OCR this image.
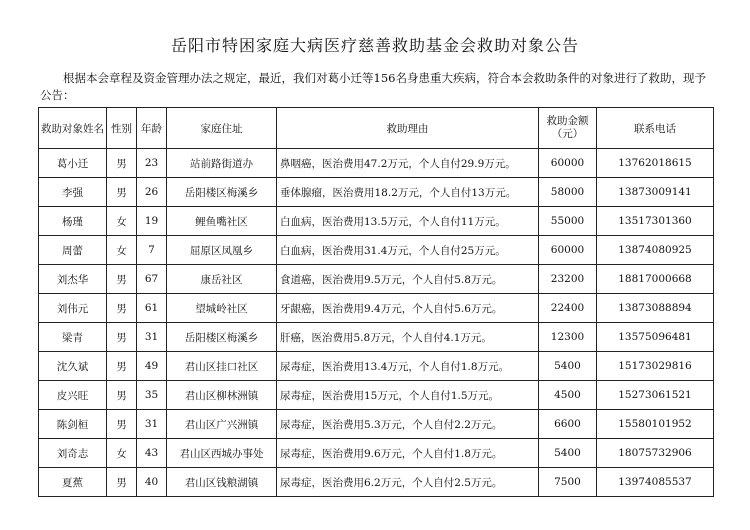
岳阳市特困家庭大病医疗慈善救助基金会救助对象公告
根据本会章程及资金管理办法之规定，最近，我们对葛小迁等156名身患重大疾病，符合本会救助条件的对象进行了救助，现予公告：
救助对象姓名	性别	年龄	家庭住址	救助理由	救助金额（元）	联系电话
葛小迁	男	23	站前路街道办	鼻咽癌，医治费用47.2万元，个人自付29.9万元。	60000	13762018615
李强	男	26	岳阳楼区梅溪乡	垂体腺瘤，医治费用18.2万元，个人自付13万元。	58000	13873009141
杨瑾	女	19	鲤鱼嘴社区	白血病，医治费用13.5万元，个人自付11万元。	55000	13517301360
周蕾	女	7	屈原区凤凰乡	白血病，医治费用31.4万元，个人自付25万元。	60000	13874080925
刘杰华	男	67	康岳社区	食道癌，医治费用9.5万元，个人自付5.8万元。	23200	18817000668
刘伟元	男	61	望城岭社区	牙龈癌，医治费用9.4万元，个人自付5.6万元。	22400	13873088894
梁青	男	31	岳阳楼区梅溪乡	肝癌，医治费用5.8万元，个人自付4.1万元。	12300	13575096481
沈久斌	男	49	君山区挂口社区	尿毒症，医治费用13.4万元，个人自付1.8万元。	5400	15173029816
皮兴旺	男	35	君山区柳林洲镇	尿毒症，医治费用15万元，个人自付1.5万元。	4500	15273061521
陈剑桓	男	31	君山区广兴洲镇	尿毒症，医治费用5.3万元，个人自付2.2万元。	6600	15580101952
刘奇志	女	43	君山区西城办事处	尿毒症，医治费用9.6万元，个人自付1.8万元。	5400	18075732906
夏蕉	男	40	君山区钱粮湖镇	尿毒症，医治费用6.2万元，个人自付2.5万元。	7500	13974085537
